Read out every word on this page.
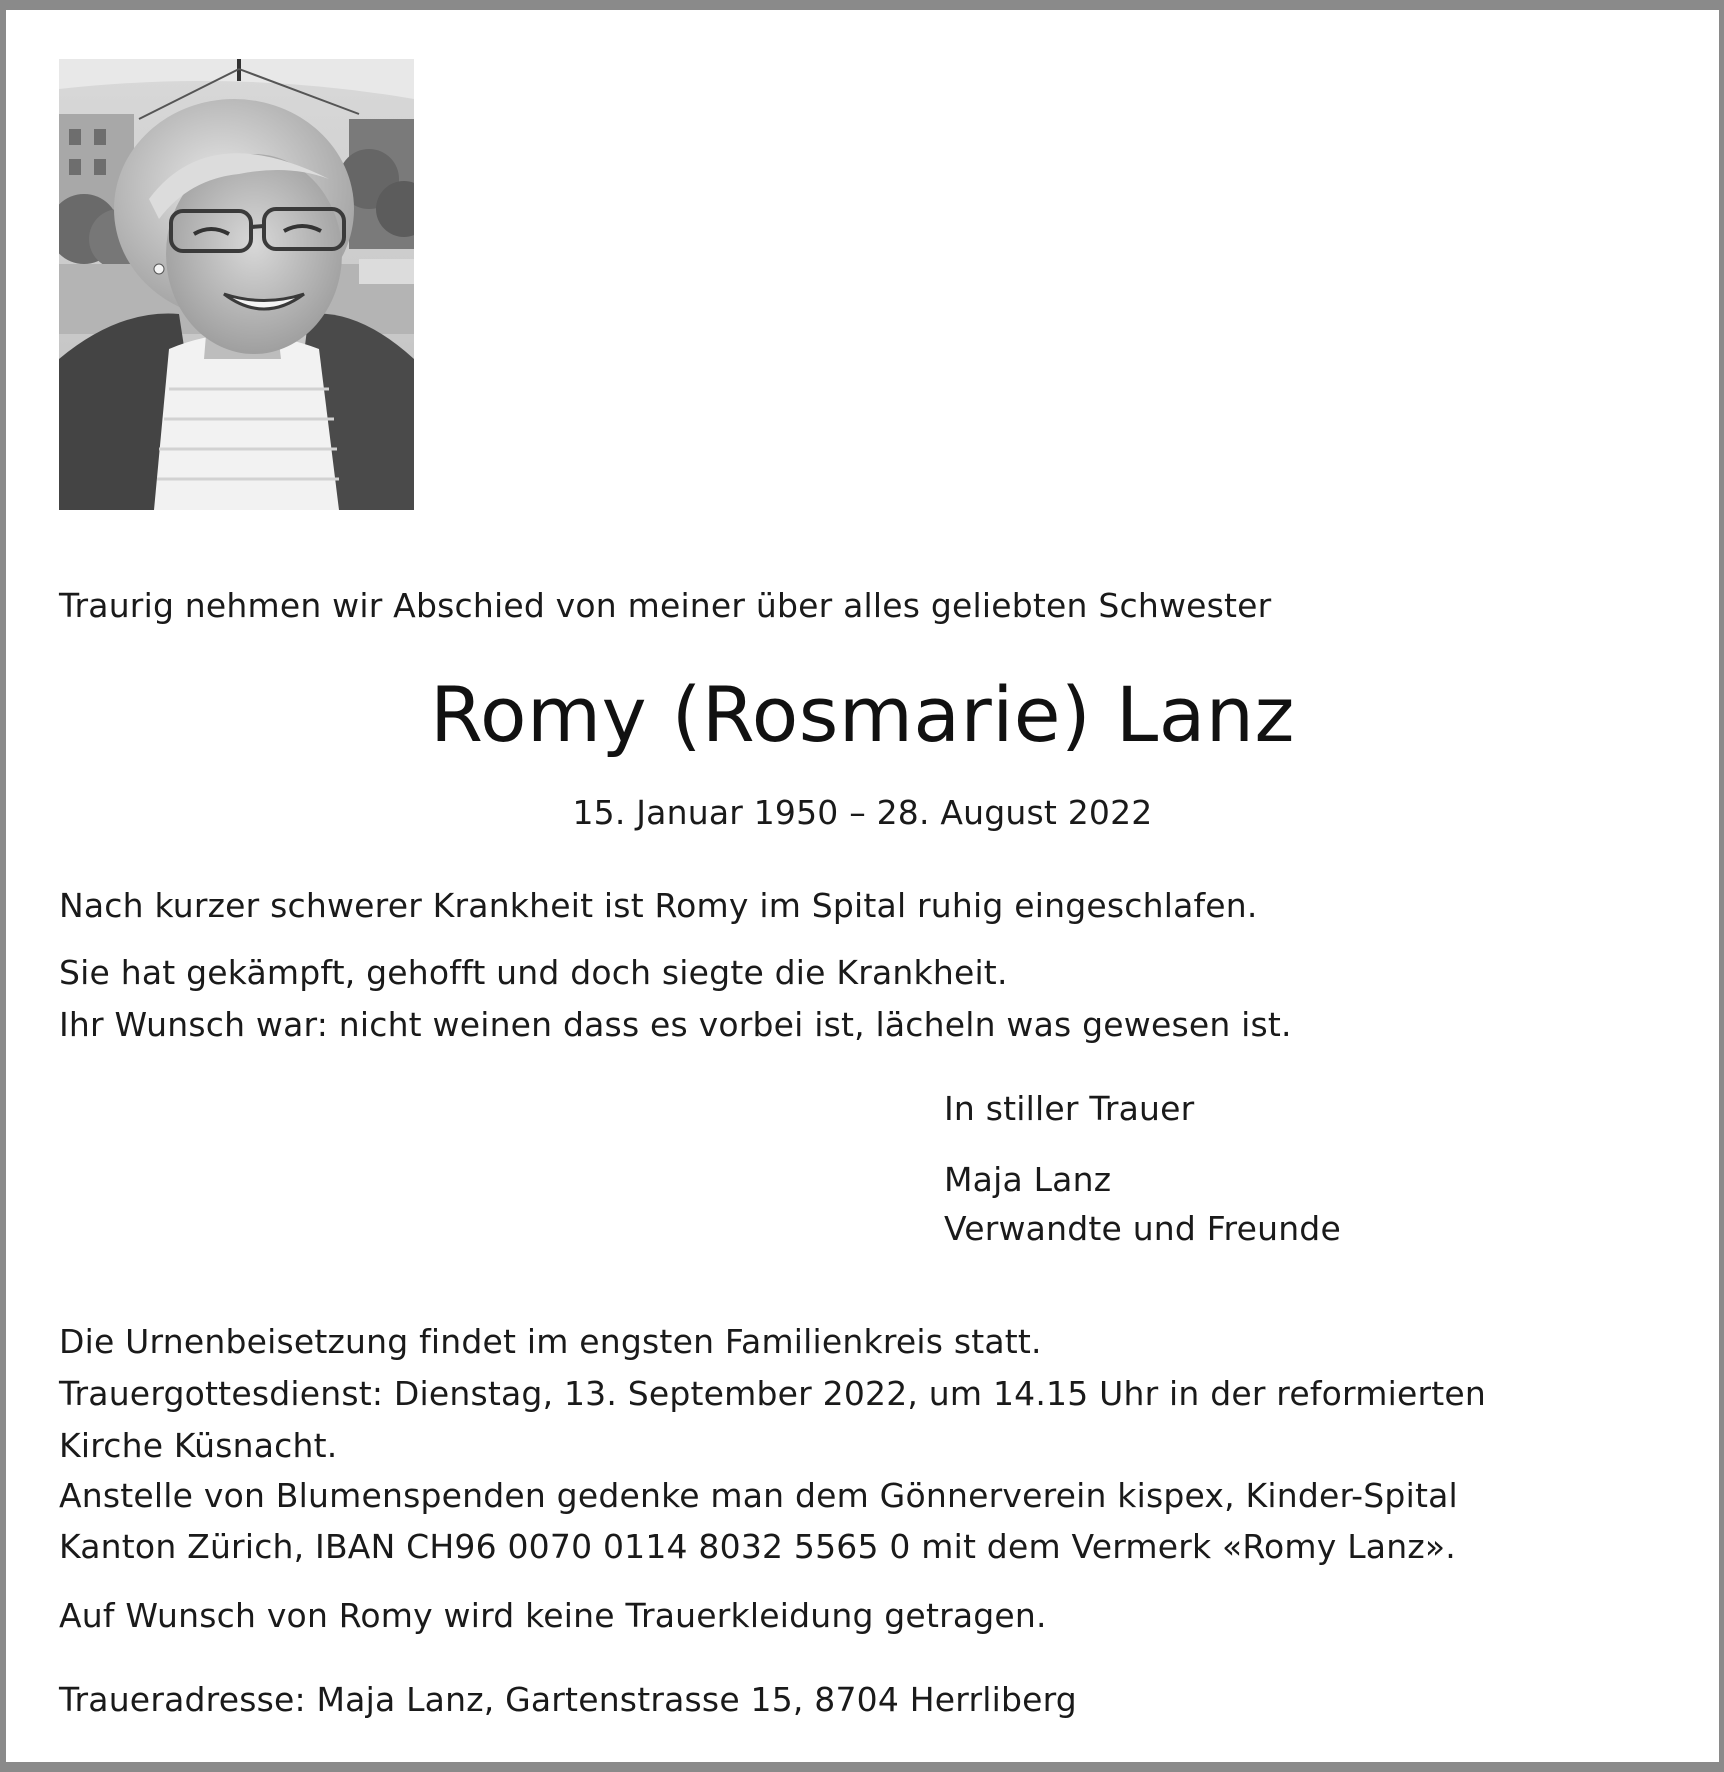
Traurig nehmen wir Abschied von meiner über alles geliebten Schwester
Romy (Rosmarie) Lanz
15. Januar 1950 – 28. August 2022
Nach kurzer schwerer Krankheit ist Romy im Spital ruhig eingeschlafen.
Sie hat gekämpft, gehofft und doch siegte die Krankheit.
Ihr Wunsch war: nicht weinen dass es vorbei ist, lächeln was gewesen ist.
In stiller Trauer
Maja Lanz
Verwandte und Freunde
Die Urnenbeisetzung findet im engsten Familienkreis statt.
Trauergottesdienst: Dienstag, 13. September 2022, um 14.15 Uhr in der reformierten
Kirche Küsnacht.
Anstelle von Blumenspenden gedenke man dem Gönnerverein kispex, Kinder-Spital
Kanton Zürich, IBAN CH96 0070 0114 8032 5565 0 mit dem Vermerk «Romy Lanz».
Auf Wunsch von Romy wird keine Trauerkleidung getragen.
Traueradresse: Maja Lanz, Gartenstrasse 15, 8704 Herrliberg
